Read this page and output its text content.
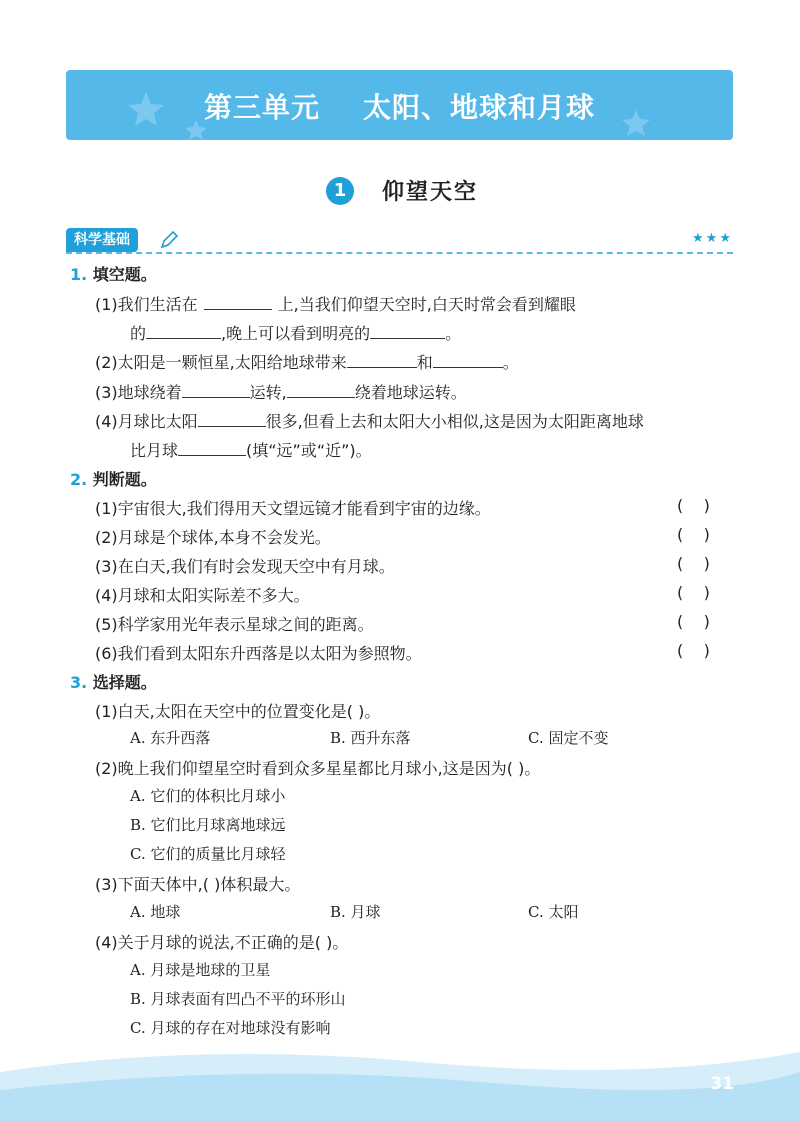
第三单元    太阳、地球和月球
1	仰望天空
科学基础	★★★
1. 填空题。
(1)我们生活在	上,当我们仰望天空时,白天时常会看到耀眼
的	,晚上可以看到明亮的	。
(2)太阳是一颗恒星,太阳给地球带来	和	。
(3)地球绕着	运转,	绕着地球运转。
(4)月球比太阳	很多,但看上去和太阳大小相似,这是因为太阳距离地球
比月球	(填“远”或“近”)。
2. 判断题。
(1)宇宙很大,我们得用天文望远镜才能看到宇宙的边缘。	(    )
(2)月球是个球体,本身不会发光。	(    )
(3)在白天,我们有时会发现天空中有月球。	(    )
(4)月球和太阳实际差不多大。	(    )
(5)科学家用光年表示星球之间的距离。	(    )
(6)我们看到太阳东升西落是以太阳为参照物。	(    )
3. 选择题。
(1)白天,太阳在天空中的位置变化是( )。
A. 东升西落	B. 西升东落	C. 固定不变
(2)晚上我们仰望星空时看到众多星星都比月球小,这是因为( )。
A. 它们的体积比月球小
B. 它们比月球离地球远
C. 它们的质量比月球轻
(3)下面天体中,( )体积最大。
A. 地球	B. 月球	C. 太阳
(4)关于月球的说法,不正确的是( )。
A. 月球是地球的卫星
B. 月球表面有凹凸不平的环形山
C. 月球的存在对地球没有影响
31
